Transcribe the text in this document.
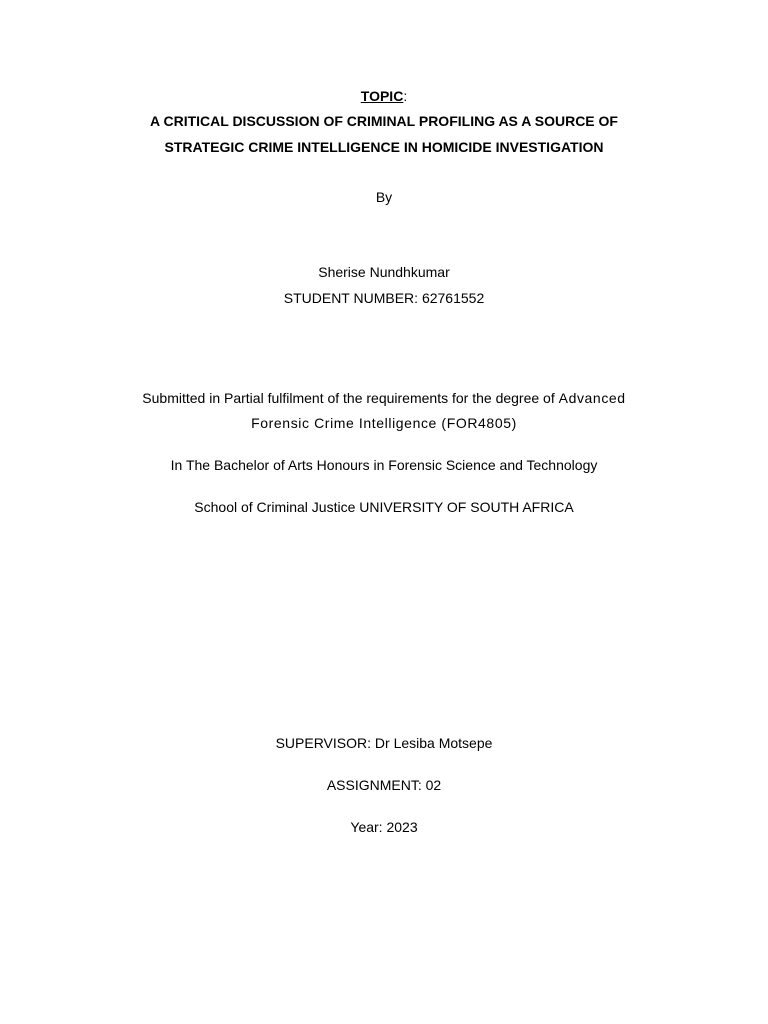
TOPIC:
A CRITICAL DISCUSSION OF CRIMINAL PROFILING AS A SOURCE OF
STRATEGIC CRIME INTELLIGENCE IN HOMICIDE INVESTIGATION
By
Sherise Nundhkumar
STUDENT NUMBER: 62761552
Submitted in Partial fulfilment of the requirements for the degree of Advanced
Forensic Crime Intelligence (FOR4805)
In The Bachelor of Arts Honours in Forensic Science and Technology
School of Criminal Justice UNIVERSITY OF SOUTH AFRICA
SUPERVISOR: Dr Lesiba Motsepe
ASSIGNMENT: 02
Year: 2023
